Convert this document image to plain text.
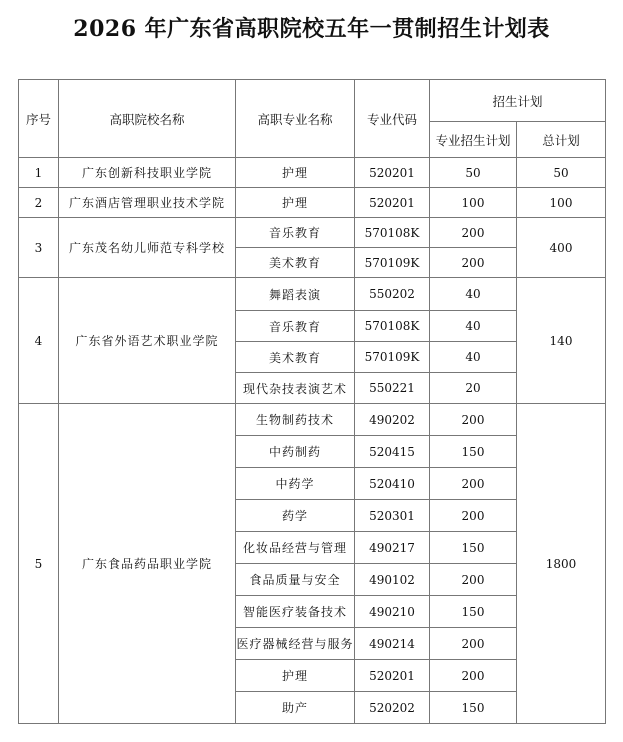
2026 年广东省高职院校五年一贯制招生计划表
序号	高职院校名称	高职专业名称	专业代码	招生计划	
				专业招生计划	总计划
1	广东创新科技职业学院	护理	520201	50	50
2	广东酒店管理职业技术学院	护理	520201	100	100
3	广东茂名幼儿师范专科学校	音乐教育	570108K	200	400
		美术教育	570109K	200	
4	广东省外语艺术职业学院	舞蹈表演	550202	40	140
		音乐教育	570108K	40	
		美术教育	570109K	40	
		现代杂技表演艺术	550221	20	
5	广东食品药品职业学院	生物制药技术	490202	200	1800
		中药制药	520415	150	
		中药学	520410	200	
		药学	520301	200	
		化妆品经营与管理	490217	150	
		食品质量与安全	490102	200	
		智能医疗装备技术	490210	150	
		医疗器械经营与服务	490214	200	
		护理	520201	200	
		助产	520202	150	
